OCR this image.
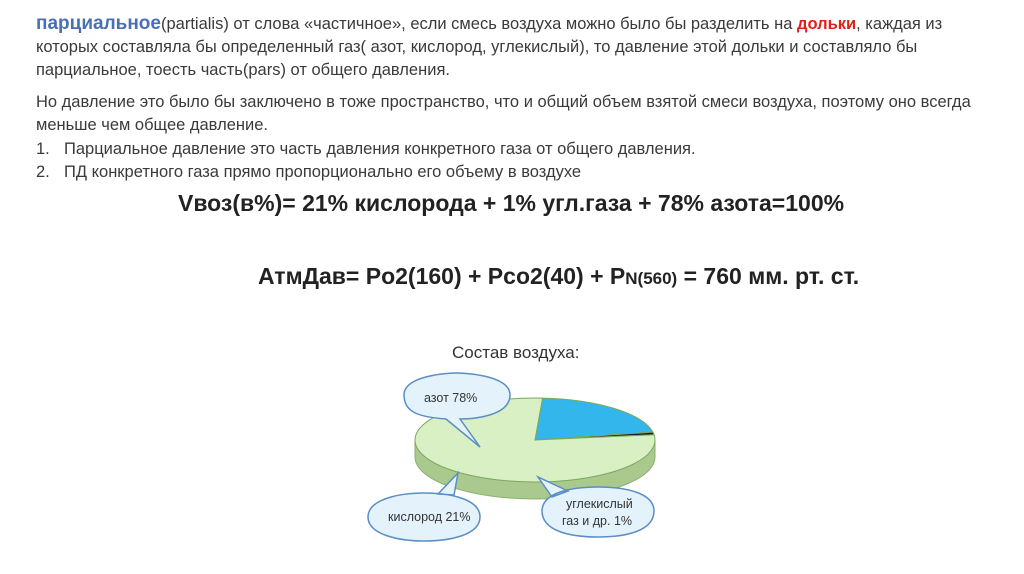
парциальное(partialis) от слова «частичное», если смесь воздуха можно было бы разделить на дольки, каждая из которых составляла бы определенный газ( азот, кислород, углекислый), то давление этой дольки и составляло бы парциальное, тоесть часть(pars) от общего давления.
Но давление это было бы заключено в тоже пространство, что и общий объем взятой смеси воздуха, поэтому оно всегда меньше чем общее давление.
1. Парциальное давление это часть давления конкретного газа от общего давления.
2. ПД конкретного газа прямо пропорционально его объему в воздухе
Vвоз(в%)= 21% кислорода + 1% угл.газа + 78% азота=100%
АтмДав= Po2(160) + Pco2(40) + PN(560) = 760 мм. рт. ст.
Состав воздуха:
азот 78%
кислород 21%
углекислый
газ и др. 1%
